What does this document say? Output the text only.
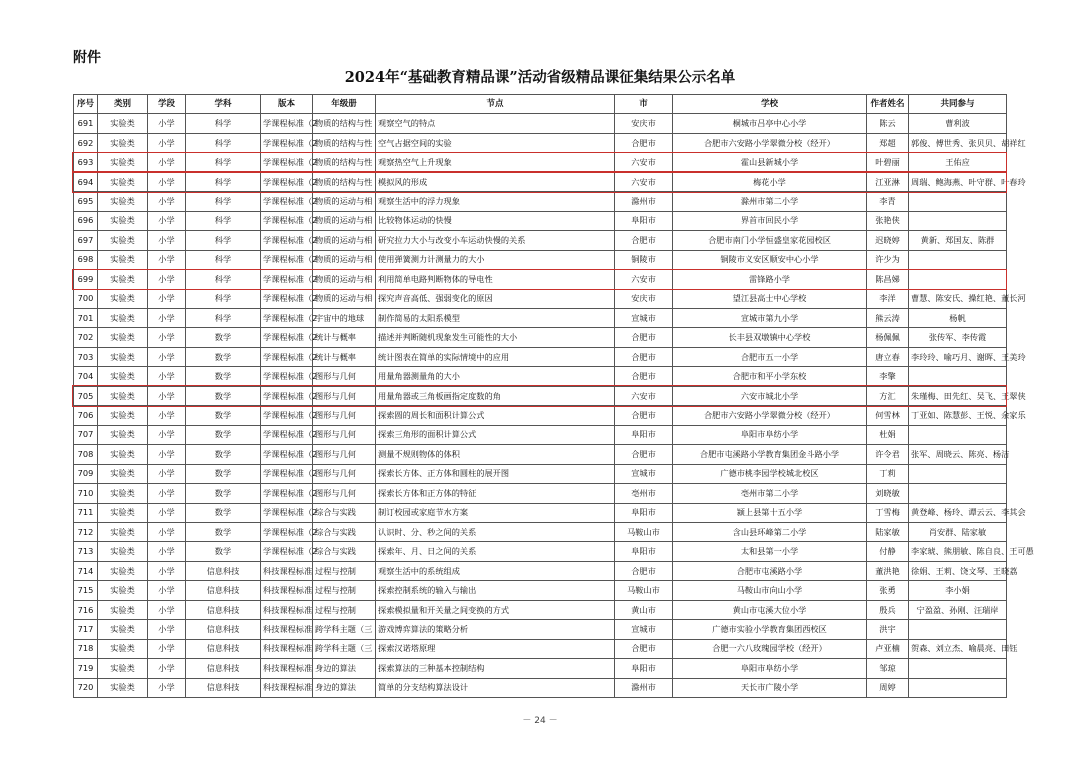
附件
2024年“基础教育精品课”活动省级精品课征集结果公示名单
序号	类别	学段	学科	版本	年级册	节点	市	学校	作者姓名	共同参与
691	实验类	小学	科学	学课程标准（2	物质的结构与性	观察空气的特点	安庆市	桐城市吕亭中心小学	陈云	曹利波
692	实验类	小学	科学	学课程标准（2	物质的结构与性	空气占据空间的实验	合肥市	合肥市六安路小学翠微分校（经开）	郑超	郭俊、傅世秀、张贝贝、胡祥红
693	实验类	小学	科学	学课程标准（2	物质的结构与性	观察热空气上升现象	六安市	霍山县新城小学	叶碧丽	王佑应
694	实验类	小学	科学	学课程标准（2	物质的结构与性	模拟风的形成	六安市	梅花小学	江亚淋	周瑞、鲍海燕、叶守群、叶春玲
695	实验类	小学	科学	学课程标准（2	物质的运动与相	观察生活中的浮力现象	滁州市	滁州市第二小学	李青	
696	实验类	小学	科学	学课程标准（2	物质的运动与相	比较物体运动的快慢	阜阳市	界首市回民小学	张艳侠	
697	实验类	小学	科学	学课程标准（2	物质的运动与相	研究拉力大小与改变小车运动快慢的关系	合肥市	合肥市南门小学恒盛皇家花园校区	迟晓婷	黄新、郑国友、陈群
698	实验类	小学	科学	学课程标准（2	物质的运动与相	使用弹簧测力计测量力的大小	铜陵市	铜陵市义安区顺安中心小学	许少为	
699	实验类	小学	科学	学课程标准（2	物质的运动与相	利用简单电路判断物体的导电性	六安市	雷锋路小学	陈昌娣	
700	实验类	小学	科学	学课程标准（2	物质的运动与相	探究声音高低、强弱变化的原因	安庆市	望江县高士中心学校	李洋	曹慧、陈安氏、操红艳、董长河
701	实验类	小学	科学	学课程标准（2	宇宙中的地球	制作简易的太阳系模型	宣城市	宣城市第九小学	熊云涛	杨帆
702	实验类	小学	数学	学课程标准（2	统计与概率	描述并判断随机现象发生可能性的大小	合肥市	长丰县双墩镇中心学校	杨佩佩	张传军、李传霞
703	实验类	小学	数学	学课程标准（2	统计与概率	统计图表在简单的实际情境中的应用	合肥市	合肥市五一小学	唐立春	李玲玲、喻巧月、谢晖、王美玲
704	实验类	小学	数学	学课程标准（2	图形与几何	用量角器测量角的大小	合肥市	合肥市和平小学东校	李擎	
705	实验类	小学	数学	学课程标准（2	图形与几何	用量角器或三角板画指定度数的角	六安市	六安市城北小学	方汇	朱瑾梅、田先红、吴飞、王翠侠
706	实验类	小学	数学	学课程标准（2	图形与几何	探索圆的周长和面积计算公式	合肥市	合肥市六安路小学翠微分校（经开）	何雪林	丁亚如、陈慧彭、王悦、余家乐
707	实验类	小学	数学	学课程标准（2	图形与几何	探索三角形的面积计算公式	阜阳市	阜阳市阜纺小学	杜娟	
708	实验类	小学	数学	学课程标准（2	图形与几何	测量不规则物体的体积	合肥市	合肥市屯溪路小学教育集团金斗路小学	许令君	张军、周晓云、陈亮、杨洁
709	实验类	小学	数学	学课程标准（2	图形与几何	探索长方体、正方体和圆柱的展开图	宣城市	广德市桃李园学校城北校区	丁莉	
710	实验类	小学	数学	学课程标准（2	图形与几何	探索长方体和正方体的特征	亳州市	亳州市第二小学	刘晓敏	
711	实验类	小学	数学	学课程标准（2	综合与实践	制订校园或家庭节水方案	阜阳市	颍上县第十五小学	丁雪梅	黄登峰、杨玲、谭云云、李其会
712	实验类	小学	数学	学课程标准（2	综合与实践	认识时、分、秒之间的关系	马鞍山市	含山县环峰第二小学	陆家敏	肖安群、陆家敏
713	实验类	小学	数学	学课程标准（2	综合与实践	探索年、月、日之间的关系	阜阳市	太和县第一小学	付静	李家琥、熊朋敏、陈自良、王可愚
714	实验类	小学	信息科技	科技课程标准	过程与控制	观察生活中的系统组成	合肥市	合肥市屯溪路小学	董洪艳	徐娟、王莉、饶文琴、王晓荔
715	实验类	小学	信息科技	科技课程标准	过程与控制	探索控制系统的输入与输出	马鞍山市	马鞍山市向山小学	张勇	李小娟
716	实验类	小学	信息科技	科技课程标准	过程与控制	探索模拟量和开关量之间变换的方式	黄山市	黄山市屯溪大位小学	殷兵	宁盈盈、孙刚、汪瑞岸
717	实验类	小学	信息科技	科技课程标准	跨学科主题（三	游戏博弈算法的策略分析	宣城市	广德市实验小学教育集团西校区	洪宇	
718	实验类	小学	信息科技	科技课程标准	跨学科主题（三	探索汉诺塔原理	合肥市	合肥一六八玫瑰园学校（经开）	卢亚楠	贺森、刘立杰、喻晨亮、田钰
719	实验类	小学	信息科技	科技课程标准	身边的算法	探索算法的三种基本控制结构	阜阳市	阜阳市阜纺小学	邹琼	
720	实验类	小学	信息科技	科技课程标准	身边的算法	简单的分支结构算法设计	滁州市	天长市广陵小学	周婷	
－ 24 －
